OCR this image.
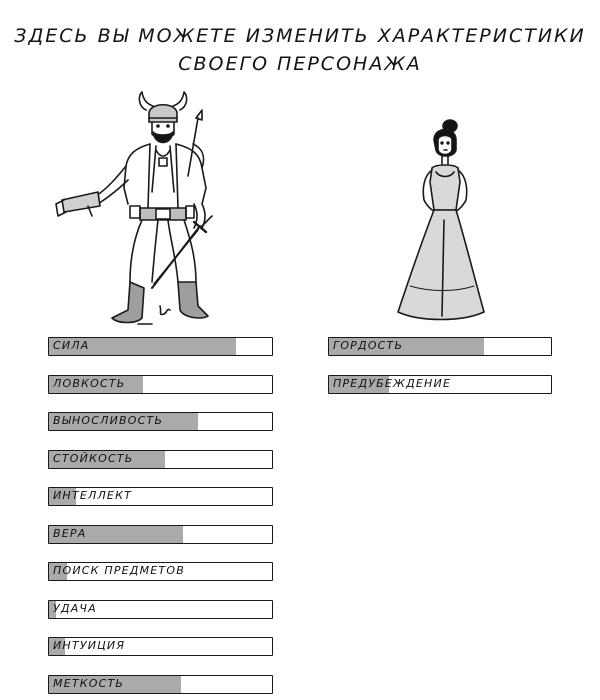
ЗДЕСЬ ВЫ МОЖЕТЕ ИЗМЕНИТЬ ХАРАКТЕРИСТИКИ
СВОЕГО ПЕРСОНАЖА
СИЛА
ЛОВКОСТЬ
ВЫНОСЛИВОСТЬ
СТОЙКОСТЬ
ИНТЕЛЛЕКТ
ВЕРА
ПОИСК ПРЕДМЕТОВ
УДАЧА
ИНТУИЦИЯ
МЕТКОСТЬ
ГОРДОСТЬ
ПРЕДУБЕЖДЕНИЕ
